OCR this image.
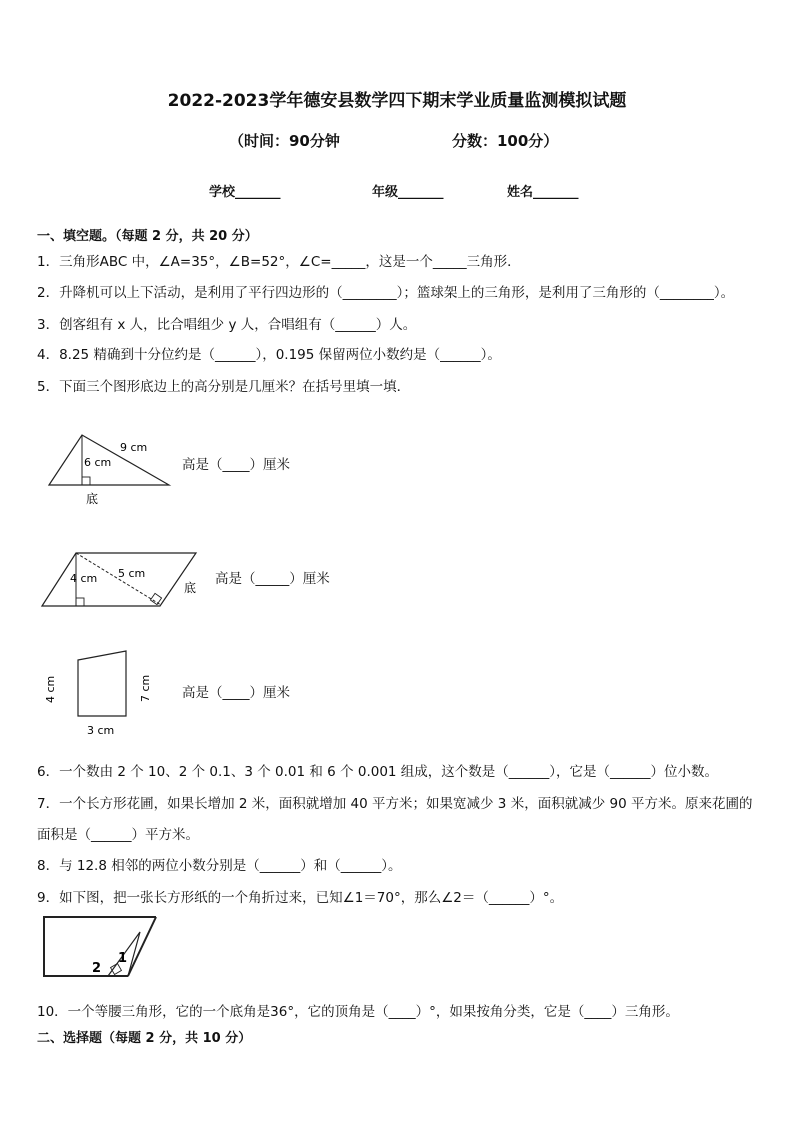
2022-2023学年德安县数学四下期末学业质量监测模拟试题
（时间：90分钟	分数：100分）
学校_______	年级_______	姓名_______
一、填空题。（每题 2 分，共 20 分）
1．三角形ABC 中，∠A=35°，∠B=52°，∠C=_____，这是一个_____三角形．
2．升降机可以上下活动，是利用了平行四边形的（________）；篮球架上的三角形，是利用了三角形的（________）。
3．创客组有 x 人，比合唱组少 y 人，合唱组有（______）人。
4．8.25 精确到十分位约是（______），0.195 保留两位小数约是（______）。
5．下面三个图形底边上的高分别是几厘米？在括号里填一填．
9 cm
6 cm
底
高是（____）厘米
4 cm 5 cm
底
高是（_____）厘米
4 cm	7 cm
3 cm
高是（____）厘米
6．一个数由 2 个 10、2 个 0.1、3 个 0.01 和 6 个 0.001 组成，这个数是（______），它是（______）位小数。
7．一个长方形花圃，如果长增加 2 米，面积就增加 40 平方米；如果宽减少 3 米，面积就减少 90 平方米。原来花圃的
面积是（______）平方米。
8．与 12.8 相邻的两位小数分别是（______）和（______）。
9．如下图，把一张长方形纸的一个角折过来，已知∠1＝70°，那么∠2＝（______）°。
2
1
10．一个等腰三角形，它的一个底角是36°，它的顶角是（____）°，如果按角分类，它是（____）三角形。
二、选择题（每题 2 分，共 10 分）
